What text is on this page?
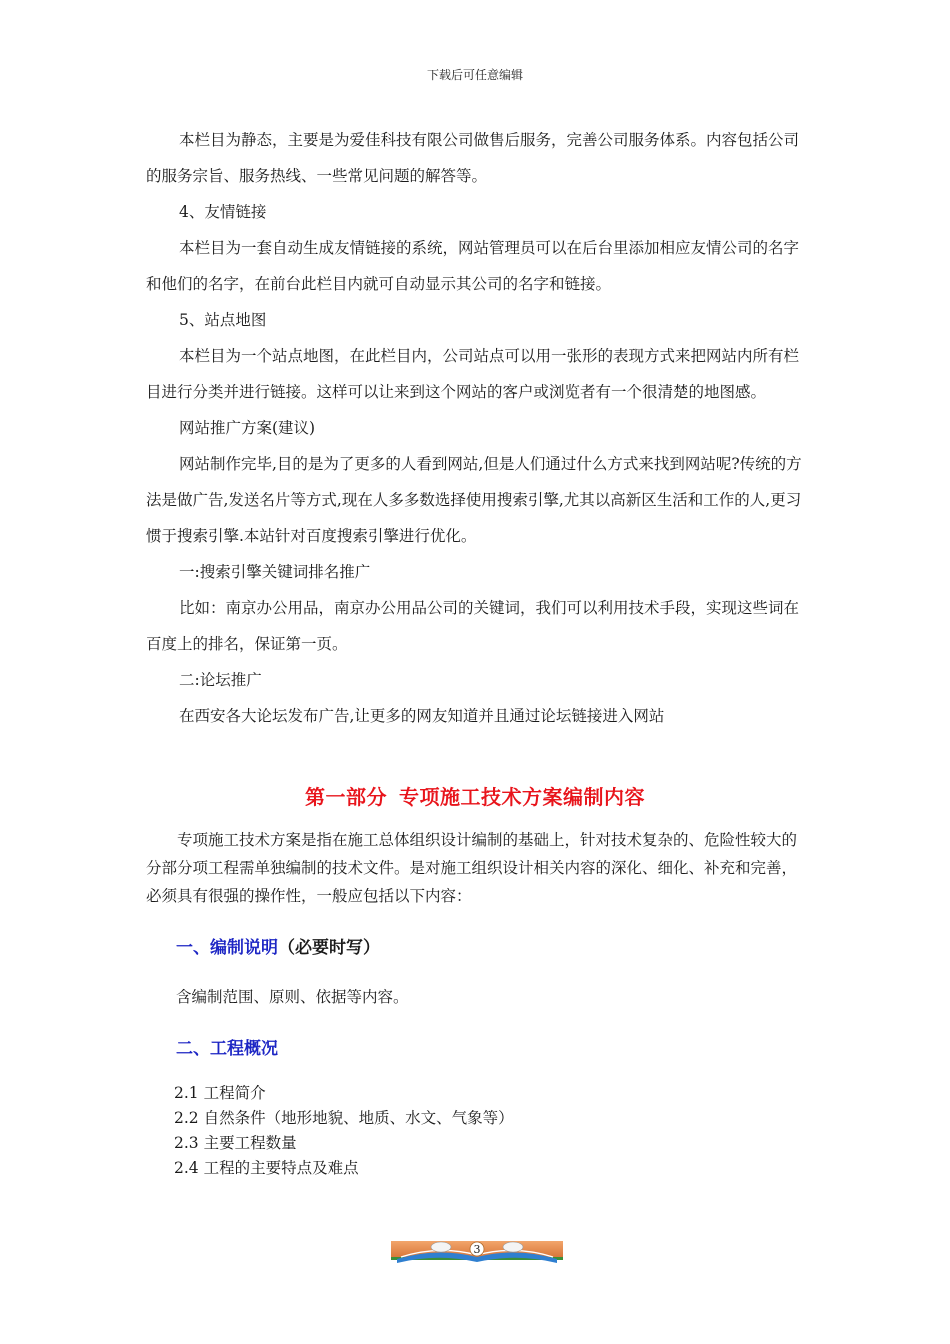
下载后可任意编辑

本栏目为静态，主要是为爱佳科技有限公司做售后服务，完善公司服务体系。内容包括公司的服务宗旨、服务热线、一些常见问题的解答等。

4、友情链接

本栏目为一套自动生成友情链接的系统，网站管理员可以在后台里添加相应友情公司的名字和他们的名字，在前台此栏目内就可自动显示其公司的名字和链接。

5、站点地图

本栏目为一个站点地图，在此栏目内，公司站点可以用一张形的表现方式来把网站内所有栏目进行分类并进行链接。这样可以让来到这个网站的客户或浏览者有一个很清楚的地图感。

网站推广方案(建议)

网站制作完毕,目的是为了更多的人看到网站,但是人们通过什么方式来找到网站呢?传统的方法是做广告,发送名片等方式,现在人多多数选择使用搜索引擎,尤其以高新区生活和工作的人,更习惯于搜索引擎.本站针对百度搜索引擎进行优化。

一:搜索引擎关键词排名推广

比如：南京办公用品，南京办公用品公司的关键词，我们可以利用技术手段，实现这些词在百度上的排名，保证第一页。

二:论坛推广

在西安各大论坛发布广告,让更多的网友知道并且通过论坛链接进入网站

第一部分 专项施工技术方案编制内容

专项施工技术方案是指在施工总体组织设计编制的基础上，针对技术复杂的、危险性较大的分部分项工程需单独编制的技术文件。是对施工组织设计相关内容的深化、细化、补充和完善，必须具有很强的操作性，一般应包括以下内容：

一、编制说明（必要时写）
含编制范围、原则、依据等内容。
二、工程概况
2.1 工程简介
2.2 自然条件（地形地貌、地质、水文、气象等）
2.3 主要工程数量
2.4 工程的主要特点及难点
3
